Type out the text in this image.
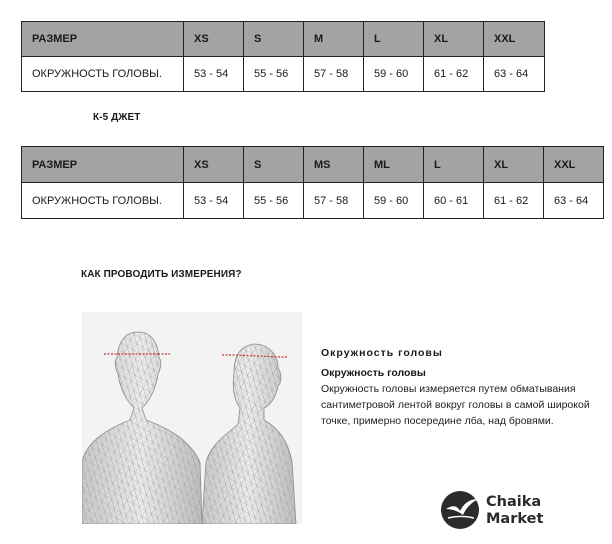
РАЗМЕР	XS	S	M	L	XL	XXL
ОКРУЖНОСТЬ ГОЛОВЫ.	53 - 54	55 - 56	57 - 58	59 - 60	61 - 62	63 - 64
К-5 ДЖЕТ
РАЗМЕР	XS	S	MS	ML	L	XL	XXL
ОКРУЖНОСТЬ ГОЛОВЫ.	53 - 54	55 - 56	57 - 58	59 - 60	60 - 61	61 - 62	63 - 64
КАК ПРОВОДИТЬ ИЗМЕРЕНИЯ?
Окружность головы
Окружность головы
Окружность головы измеряется путем обматывания сантиметровой лентой вокруг головы в самой широкой точке, примерно посередине лба, над бровями.
Chaika
Market
